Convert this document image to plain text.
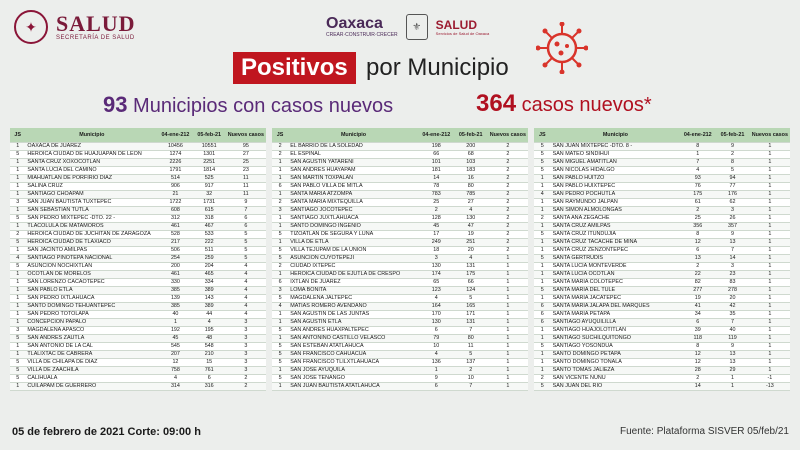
✦ SALUD
SECRETARÍA DE SALUD
Oaxaca
CREAR·CONSTRUIR·CRECER
⚜	SALUD
Servicios de Salud de Oaxaca
Positivos por Municipio
93 Municipios con casos nuevos	364 casos nuevos*
JS	Municipio	04-ene-212	05-feb-21	Nuevos casos
1	OAXACA DE JUAREZ	10456	10551	95
5	HEROICA CIUDAD DE HUAJUAPAN DE LEON	1274	1301	27
1	SANTA CRUZ XOXOCOTLAN	2226	2251	25
1	SANTA LUCIA DEL CAMINO	1791	1814	23
1	MIAHUATLAN DE PORFIRIO DIAZ	514	525	11
1	SALINA CRUZ	906	917	11
1	SANTIAGO CHOAPAM	21	32	11
3	SAN JUAN BAUTISTA TUXTEPEC	1722	1731	9
1	SAN SEBASTIAN TUTLA	608	615	7
5	SAN PEDRO MIXTEPEC -DTO. 22 -	312	318	6
1	TLACOLULA DE MATAMOROS	461	467	6
2	HEROICA CIUDAD DE JUCHITAN DE ZARAGOZA	528	533	5
5	HEROICA CIUDAD DE TLAXIACO	217	222	5
1	SAN JACINTO AMILPAS	506	511	5
4	SANTIAGO PINOTEPA NACIONAL	254	259	5
5	ASUNCION NOCHIXTLAN	200	204	4
1	OCOTLAN DE MORELOS	461	465	4
1	SAN LORENZO CACAOTEPEC	330	334	4
1	SAN PABLO ETLA	385	389	4
1	SAN PEDRO IXTLAHUACA	139	143	4
1	SANTO DOMINGO TEHUANTEPEC	385	389	4
1	SAN PEDRO TOTOLAPA	40	44	4
1	CONCEPCION PAPALO	1	4	3
3	MAGDALENA APASCO	192	195	3
5	SAN ANDRES ZAUTLA	45	48	3
1	SAN ANTONIO DE LA CAL	545	548	3
1	TLALIXTAC DE CABRERA	207	210	3
5	VILLA DE CHILAPA DE DIAZ	12	15	3
5	VILLA DE ZAACHILA	758	761	3
5	CALIHUALA	4	6	2
1	CUILAPAM DE GUERRERO	314	316	2
JS	Municipio	04-ene-212	05-feb-21	Nuevos casos
2	EL BARRIO DE LA SOLEDAD	198	200	2
2	EL ESPINAL	66	68	2
1	SAN AGUSTIN YATARENI	101	103	2
1	SAN ANDRES HUAYAPAM	181	183	2
1	SAN MARTIN TOXPALAN	14	16	2
6	SAN PABLO VILLA DE MITLA	78	80	2
1	SANTA MARIA ATZOMPA	783	785	2
2	SANTA MARIA MIXTEQUILLA	25	27	2
3	SANTIAGO JOCOTEPEC	2	4	2
1	SANTIAGO JUXTLAHUACA	128	130	2
1	SANTO DOMINGO INGENIO	45	47	2
5	TIZOATLAN DE SEGURA Y LUNA	17	19	2
1	VILLA DE ETLA	249	251	2
5	VILLA TEJUPAM DE LA UNION	18	20	2
5	ASUNCION CUYOTEPEJI	3	4	1
2	CIUDAD IXTEPEC	130	131	1
1	HEROICA CIUDAD DE EJUTLA DE CRESPO	174	175	1
6	IXTLAN DE JUAREZ	65	66	1
3	LOMA BONITA	123	124	1
5	MAGDALENA JALTEPEC	4	5	1
4	MATIAS ROMERO AVENDAÑO	164	165	1
1	SAN AGUSTIN DE LAS JUNTAS	170	171	1
1	SAN AGUSTIN ETLA	130	131	1
5	SAN ANDRES HUAXPALTEPEC	6	7	1
1	SAN ANTONINO CASTILLO VELASCO	79	80	1
5	SAN ESTEBAN ATATLAHUCA	10	11	1
5	SAN FRANCISCO CAHUACUA	4	5	1
5	SAN FRANCISCO TLILXTLAHUACA	136	137	1
1	SAN JOSE AYUQUILA	1	2	1
5	SAN JOSE TENANGO	9	10	1
1	SAN JUAN BAUTISTA ATATLAHUCA	6	7	1
JS	Municipio	04-ene-212	05-feb-21	Nuevos casos
5	SAN JUAN MIXTEPEC -DTO. 8 -	8	9	1
5	SAN MATEO SINDIHUI	1	2	1
5	SAN MIGUEL AMATITLAN	7	8	1
5	SAN NICOLAS HIDALGO	4	5	1
1	SAN PABLO HUITZO	93	94	1
1	SAN PABLO HUIXTEPEC	76	77	1
4	SAN PEDRO POCHUTLA	175	176	1
1	SAN RAYMUNDO JALPAN	61	62	1
1	SAN SIMON ALMOLONGAS	2	3	1
2	SANTA ANA ZEGACHE	25	26	1
1	SANTA CRUZ AMILPAS	356	357	1
5	SANTA CRUZ ITUNDUJIA	8	9	1
1	SANTA CRUZ TACACHE DE MINA	12	13	1
1	SANTA CRUZ ZENZONTEPEC	6	7	1
5	SANTA GERTRUDIS	13	14	1
1	SANTA LUCIA MONTEVERDE	2	3	1
1	SANTA LUCIA OCOTLAN	22	23	1
1	SANTA MARIA COLOTEPEC	82	83	1
5	SANTA MARIA DEL TULE	277	278	1
1	SANTA MARIA JACATEPEC	19	20	1
6	SANTA MARIA JALAPA DEL MARQUES	41	42	1
6	SANTA MARIA PETAPA	34	35	1
6	SANTIAGO AYUQUILILLA	6	7	1
1	SANTIAGO HUAJOLOTITLAN	39	40	1
1	SANTIAGO SUCHILQUITONGO	118	119	1
5	SANTIAGO YOSONDUA	8	9	1
1	SANTO DOMINGO PETAPA	12	13	1
1	SANTO DOMINGO TONALA	12	13	1
1	SANTO TOMAS JALIEZA	28	29	1
2	SAN VICENTE NUÑU	2	1	-1
5	SAN JUAN DEL RIO	14	1	-13
05 de febrero de 2021 Corte: 09:00 h	Fuente: Plataforma SISVER 05/feb/21
